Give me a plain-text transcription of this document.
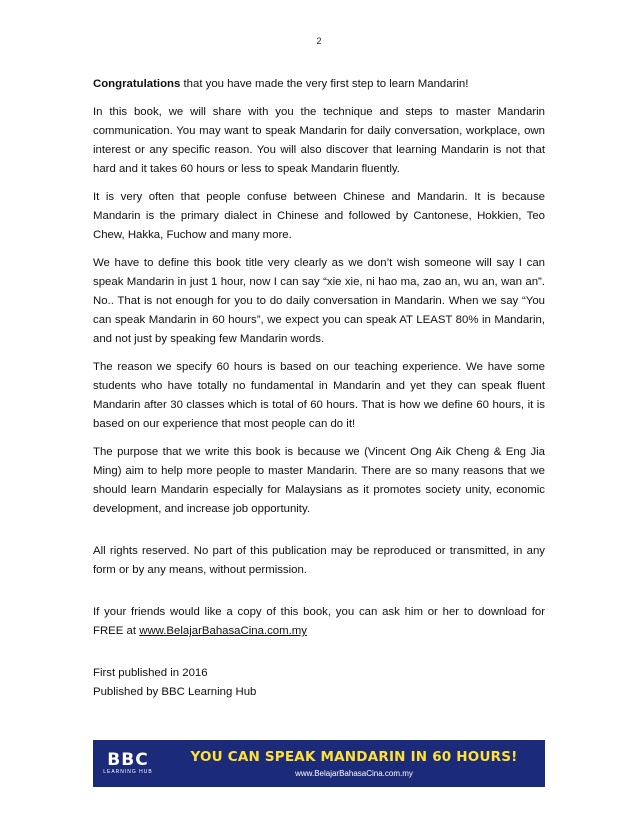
2

Congratulations that you have made the very first step to learn Mandarin!

In this book, we will share with you the technique and steps to master Mandarin communication. You may want to speak Mandarin for daily conversation, workplace, own interest or any specific reason. You will also discover that learning Mandarin is not that hard and it takes 60 hours or less to speak Mandarin fluently.

It is very often that people confuse between Chinese and Mandarin. It is because Mandarin is the primary dialect in Chinese and followed by Cantonese, Hokkien, Teo Chew, Hakka, Fuchow and many more.

We have to define this book title very clearly as we don’t wish someone will say I can speak Mandarin in just 1 hour, now I can say “xie xie, ni hao ma, zao an, wu an, wan an”. No.. That is not enough for you to do daily conversation in Mandarin. When we say “You can speak Mandarin in 60 hours”, we expect you can speak AT LEAST 80% in Mandarin, and not just by speaking few Mandarin words.

The reason we specify 60 hours is based on our teaching experience. We have some students who have totally no fundamental in Mandarin and yet they can speak fluent Mandarin after 30 classes which is total of 60 hours. That is how we define 60 hours, it is based on our experience that most people can do it!

The purpose that we write this book is because we (Vincent Ong Aik Cheng & Eng Jia Ming) aim to help more people to master Mandarin. There are so many reasons that we should learn Mandarin especially for Malaysians as it promotes society unity, economic development, and increase job opportunity.

All rights reserved. No part of this publication may be reproduced or transmitted, in any form or by any means, without permission.

If your friends would like a copy of this book, you can ask him or her to download for FREE at www.BelajarBahasaCina.com.my

First published in 2016

Published by BBC Learning Hub

BBC
LEARNING HUB
YOU CAN SPEAK MANDARIN IN 60 HOURS!
www.BelajarBahasaCina.com.my
